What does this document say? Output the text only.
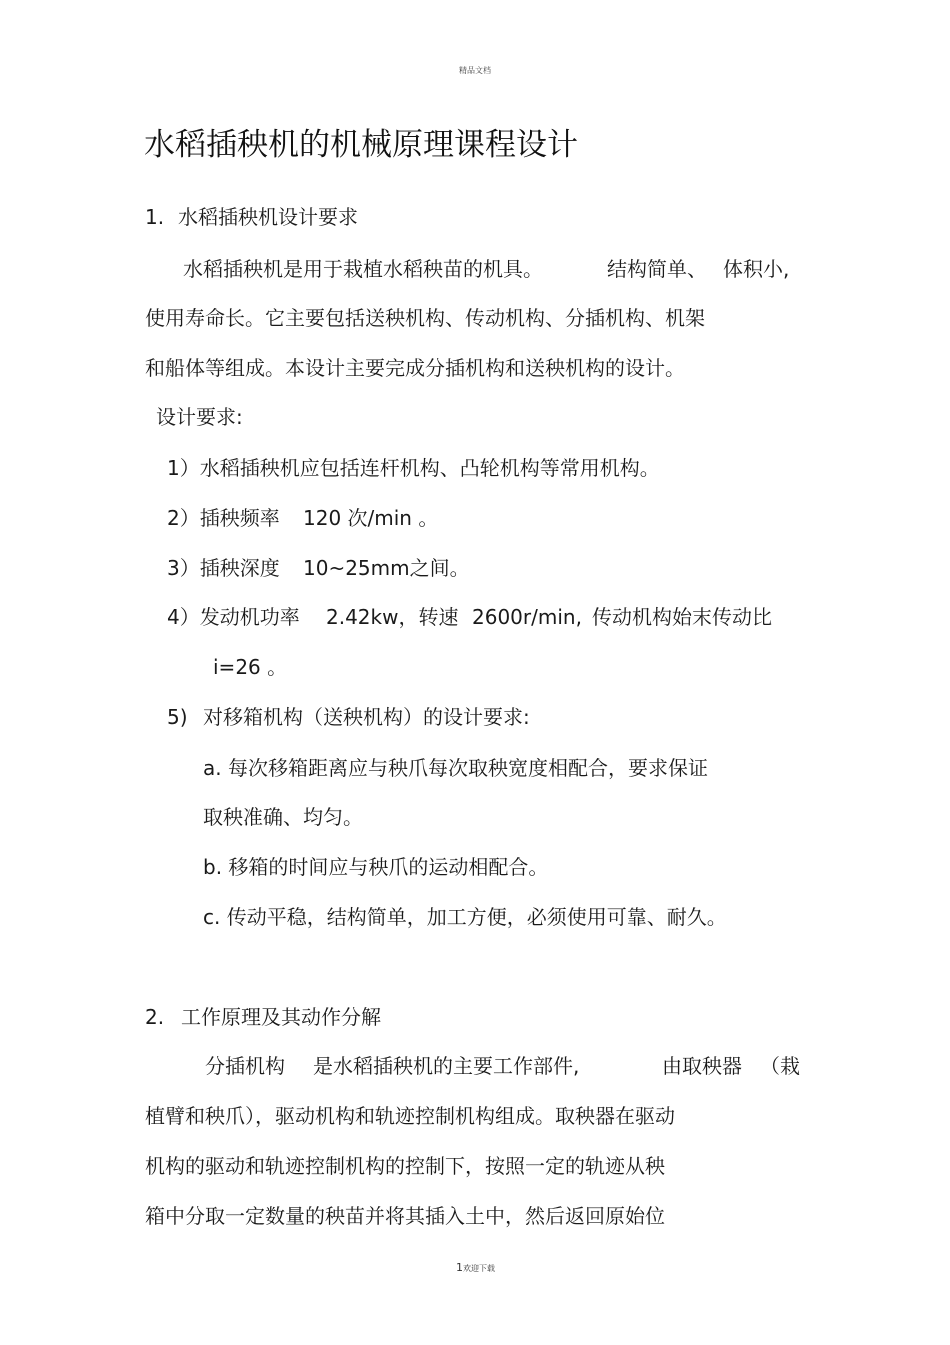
精品文档
水稻插秧机的机械原理课程设计
1. 水稻插秧机设计要求
水稻插秧机是用于栽植水稻秧苗的机具。	结构简单、 体积小,
使用寿命长。它主要包括送秧机构、传动机构、分插机构、机架
和船体等组成。本设计主要完成分插机构和送秧机构的设计。
设计要求:
1）水稻插秧机应包括连杆机构、凸轮机构等常用机构。
2）插秧频率 120 次/min 。
3）插秧深度 10~25mm之间。
4）发动机功率 2.42kw，转速 2600r/min, 传动机构始末传动比
i=26 。
5) 对移箱机构（送秧机构）的设计要求:
a. 每次移箱距离应与秧爪每次取秧宽度相配合，要求保证
取秧准确、均匀。
b. 移箱的时间应与秧爪的运动相配合。
c. 传动平稳，结构简单，加工方便，必须使用可靠、耐久。
2. 工作原理及其动作分解
分插机构 是水稻插秧机的主要工作部件,	由取秧器 （栽
植臂和秧爪），驱动机构和轨迹控制机构组成。取秧器在驱动
机构的驱动和轨迹控制机构的控制下，按照一定的轨迹从秧
箱中分取一定数量的秧苗并将其插入土中，然后返回原始位
1欢迎下载
